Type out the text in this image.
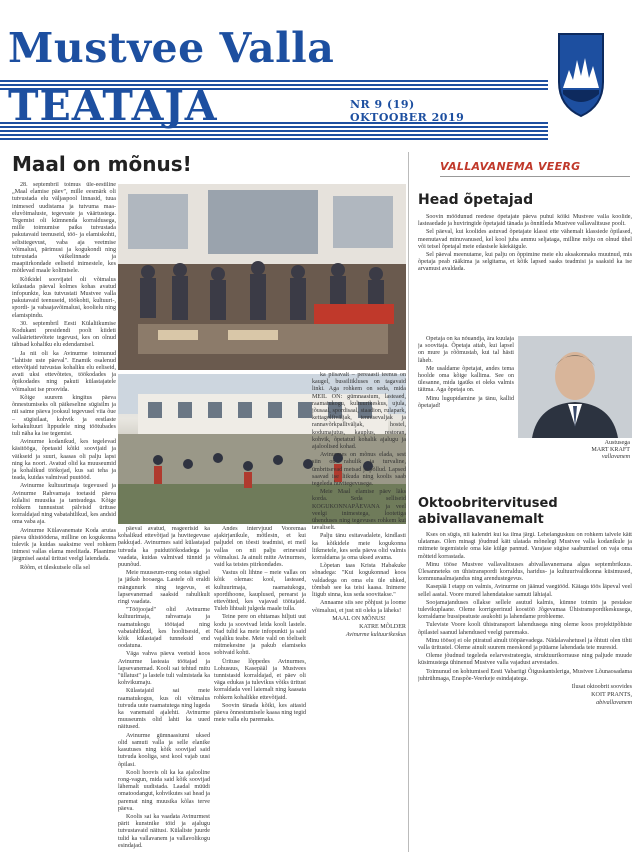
Mustvee Valla
TEATAJA	NR 9 (19)
OKTOOBER 2019
Maal on mõnus!

28. septembril toimus üle-eestiline „Maal elamise päev", mille eesmärk oli tutvustada elu väljaspool linnasid, tuua inimesed uudistama ja tutvuma maa-eluvõimaluste, tegevuste ja väärtustega. Tegemist oli kümnenda korraldusega, mille toimumise paika tutvustada pakutavaid teenuseid, töö- ja elamiskohti, seltsitegevust, vaba aja veetmise võimalusi, pärimusi ja kogukondi ning tutvustada väikelinnade ja maapiirkondade eeliseid inimestele, kes mõtlevad maale kolimisele.

Kõikidel soovijatel oli võimalus külastada päeval kolmes kohas avatud infopunkte, kus tutvustati Mustvee valla pakutavaid teenuseid, töökohti, kultuuri-, spordi- ja vabaajavõimalusi, koolielu ning elamispindu.

30. septembril Eesti Külaliikumise Kodukant presidendi poolt kiideti vallaäriettevõtete tegevust, kes on olnud tähtsad kohaliku elu edendamisel.

Ja nii oli ka Avinurme toimunud "lahtiste uste päeval". Enamik osalenud ettevõtjaid tutvustas kohaliku elu eeliseid, avati uksi ettevõtetes, töökodades ja õpikodades ning pakuti külastajatele võimalust ise proovida.

Kõige suurem kingitus päeva õnnestumiseks oli päikeseline sügisilm ja nii saime päeva jooksul tegevusel viia õue – sügisilaat, kohvik ja eestlaste kehakultuuri lippudele ning töötubades tuli näha ka ise tegemist.

Avinurme kodanikud, kes tegelevad käsitööga, õpetasid kõiki soovijaid ja väikseid ja suuri, kaasas oli palju lapsi ning ka noori. Avatud olid ka muuseumid ja kohalikud töökojad, kus sai teha ja teada, kuidas valmivad puutööd.

Avinurme kultuurimaja tegevused ja Avinurme Rahvamaja toetasid päeva külalisi muusika ja tantsudega. Kõige rohkem tunnustust pälvisid ürituse korraldajad ning vabatahtlikud, kes andsid oma vaba aja.

Avinurme Külavanemate Koda arutas päeva ühistöödena, milline on kogukonna tulevik ja kuidas saaksime veel rohkem inimesi vallas elama meelitada. Plaanime järgmisel aastal üritust veelgi laiendada.

Rõõm, et üleskutsele olla sel

päeval avatud, reageerisid ka kohalikud ettevõtjad ja huvitegevuse pakkujad. Avinurmes said külastajad tutvuda ka puidutöökodadega ja vaadata, kuidas valmivad tünnid ja puunõud.

Meie muuseum-rong ootas sügisel ja jätkab hooaega. Lastele oli eraldi mängunurk ning tegevus, et lapsevanemad saaksid rahulikult ringi vaadata.

"Tööjoojad" olid Avinurme kultuurimaja, rahvamaja ja raamatukogu töötajad ning vabatahtlikud, kes hoolitsesid, et kõik külastajad tunneksid end oodatuna.

Väga vahva päeva veetsid koos Avinurme lasteaia töötajad ja lapsevanemad. Kooli sai tehtud mitu "üllatust" ja lastele tuli valmistada ka kohvikumaju.

Külastajaid sai meie raamatukogus, kus oli võimalus tutvuda uute raamatutega ning lugeda ka vanemaid ajalehti. Avinurme muuseumis olid lahti ka uued näitused.

Avinurme gümnaasiumi uksed olid samuti valla ja selle elanike kasutuses ning kõik soovijad said tutvuda kooliga, sest kool vajab uusi õpilasi.

Kooli hoovis oli ka ka ajalooline rong-vagun, mida said kõik soovijad lähemalt uudistada. Laadal müüdi omatoodangut, kohvikutes sai head ja paremat ning muusika kõlas terve päeva.

Koolis sai ka vaadata Avinurmest pärit kunstnike töid ja ajalugu tutvustavaid näitusi. Külaliste juurde tulid ka vallavanem ja vallavolikogu esindajad.

Andes intervjuud Vooremaa ajakirjanikule, mõtlesin, et kui paljudel on tõesti teadmisi, et meil vallas on nii palju erinevaid võimalusi. Ja ainult mitte Avinurmes, vaid ka teistes piirkondades.

Vastus oli lihtne – meie vallas on kõik olemas: kool, lasteaed, kultuurimaja, raamatukogu, spordihoone, kauplused, perearst ja ettevõtted, kes vajavad töötajaid. Tuleb lihtsalt julgeda maale tulla.

Teine pere on ehitamas hiljuti uut kodu ja soovivad leida kooli lastele. Nad tulid ka meie infopunkti ja said vajaliku teabe. Meie vald on tõeliselt mitmekesine ja pakub elamiseks sobivaid kohti.

Ürituse lõppedes Avinurmes, Lohusuus, Kasepääl ja Mustvees tunnistasid korraldajad, et päev oli väga edukas ja tulevikus võiks üritust korraldada veel laiemalt ning kaasata rohkem kohalikke ettevõtjaid.

Soovin tänada kõiki, kes aitasid päeva õnnestumisele kaasa ning tegid meie valla elu paremaks.

ka piisavalt – pereaasti teenus on kaugel, bussiliikluses on tagavaid linki. Aga rohkem on seda, mida MEIL ON: gümnaasium, lasteaed, raamatukogu, kultuurikeskus, ujula, jõusaal, spordisaal, staadion, rulapark, kettagolfiväljak, tennisevaljak ja rannavõrkpalliväljak, hostel, kodumajutus, kauplus, restoran, kohvik, õpetatud kohalik ajalugu ja ajaloolised kohad.

Avinurmes on mõnus elada, sest siin on rahulik ja turvaline, ümbritsevad metsad ja põllud. Lapsed saavad ise liikuda ning koolis saab tegeleda huvitegevusega.

Meie Maal elamise päev läks korda. Seda selliseid KOGUKONNAPÄEVANA ja veel veelgi inimestega, lootetiga ühenduses ning tegevuses rohkem kui tavaliselt.

Palju tänu esitavadalete, kindlasti ka kõikidele meie kogukonna liikmetele, kes seda päeva olid valmis korraldama ja oma uksed avama.

Lõpetan taas Krista Habakuke sõnadega: "Kui kogukonnad koos valdadega on oma elu üle uhked, tõmbab see ka teisi kaasa. Inimene liigub sinna, kus seda soovitakse."

Annaame siis see põhjust ja loome võimalusi, et just nii oleks ja läheks!

MAAL ON MÕNUS!

KATRE MÕLDER

Avinurme kultuurikeskus

VALLAVANEMA VEERG
Head õpetajad

Soovin möödunud reedese õpetajate päeva puhul kõiki Mustvee valla koolide, lasteaedade ja huviringide õpetajaid tänada ja õnnitleda Mustvee vallavalitsuse poolt.

Sel päeval, kui koolides astuvad õpetajate klassi ette vähemalt klassiede õpilased, meenutavad minuvanused, kel kool juba ammu seljataga, milline mõju on olnud ühel või teisel õpetajal meie edasisele käekäigule.

Sel päeval meenutame, kui palju on õppimine meie elu aksakonnaks muutnud, mis õpetaja peab rääkima ja selgitama, et kõik lapsed saaks teadmisi ja saaksid ka ise arvamust avaldada.

Õpetaja on ka nõuandja, ära kuulaja ja soovitaja. Õpetaja aitab, kui lapsel on mure ja rõõmustab, kui tal hästi läheb.

Me usaldame õpetajat, andes tema hoolde oma kõige kallima. See on ülesanne, mida igaüks ei oleks valmis täitma. Aga õpetaja on.

Minu lugupidamine ja tänu, kallid õpetajad!

Austusega
MART KRAFT
vallavanem
Oktoobritervitused abivallavanemalt

Kses on sügis, nii kalendri kui ka ilma järgi. Lehelanguskuu on rohkem talvele kätt ulatamas. Olen minagi jõudnud kätt ulatada mõnelegi Mustvee valla kodanikule ja mitmete tegemistele oma käe külge pannud. Varajase sügise saabumisel on vaja oma mõtteid korrastada.

Minu tööse Mustvee vallavalitsuses abivallavanemana algas septembrikuus. Ülesanneteks on ühistranspordi korraldus, haridus- ja kultuurivaldkonna küsimused, kommunaalmajandus ning arendustegevus.

Kasepää I etapp on valmis, Avinurme on jäänud vaegtööd. Käiaga töös läpeval veel sellel aastal. Voore mured lahendatakse samuti lähiajal.

Soojamajanduses ollakse sellele asutud kalmis, kümne toimin ja pestakse tulevikuplaane. Oleme korrigeerinud koostöö Jõgevamaa Ühistranspordikeskusega, korraldame bussipeatuste asukohti ja lahendame probleeme.

Tuleviste Voore kooli ühistransport lahendusega ning oleme koos projektipõhiste õpilastel saanud lahendused veelgi paremaks.

Minu töösoj ei ole piiratud ainult tööpäevadega. Nädalavahetusel ja õhtuti olen tihti valla üritustel. Oleme ainult suurem meeskond ja püüame lahendada teie muresid.

Oleme jõudnud tegeleda eelarvestrateegia, struktuurikorrause ning paljude muude küsimustega ühinenud Mustvee valla vajadust arvestades.

Toimunud on kohtumised Eesti Vabariigi Õiguskantsleriga, Mustvee Lõunaosadama juhtrühmaga, Eraspõe-Veerkeje esindajatega.

Ilusat oktoobrit soovides

KOIT PRANTS,

abivallavanem
